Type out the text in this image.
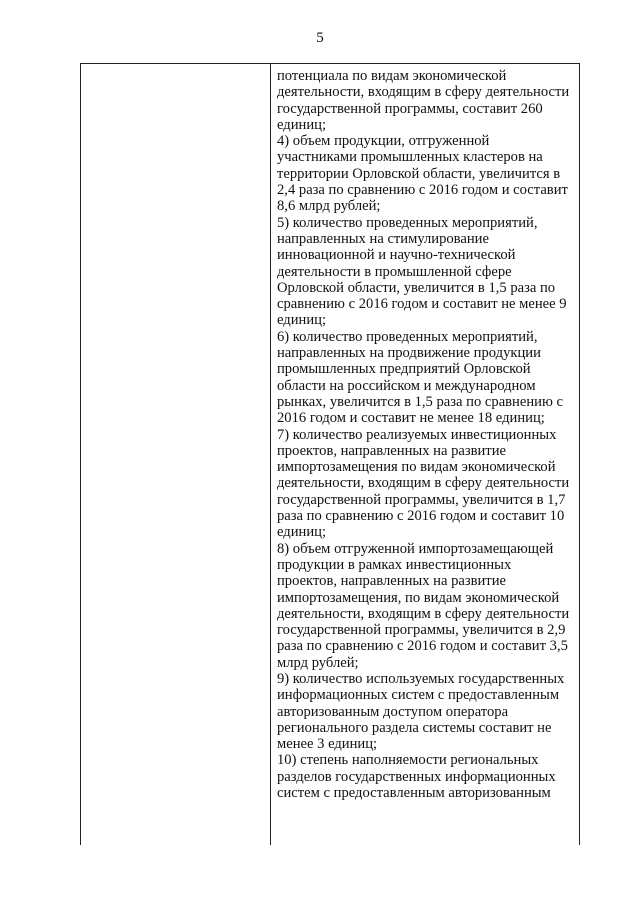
5
потенциала по видам экономической
деятельности, входящим в сферу деятельности
государственной программы, составит 260
единиц;
4) объем продукции, отгруженной
участниками промышленных кластеров на
территории Орловской области, увеличится в
2,4 раза по сравнению с 2016 годом и составит
8,6 млрд рублей;
5) количество проведенных мероприятий,
направленных на стимулирование
инновационной и научно-технической
деятельности в промышленной сфере
Орловской области, увеличится в 1,5 раза по
сравнению с 2016 годом и составит не менее 9
единиц;
6) количество проведенных мероприятий,
направленных на продвижение продукции
промышленных предприятий Орловской
области на российском и международном
рынках, увеличится в 1,5 раза по сравнению с
2016 годом и составит не менее 18 единиц;
7) количество реализуемых инвестиционных
проектов, направленных на развитие
импортозамещения по видам экономической
деятельности, входящим в сферу деятельности
государственной программы, увеличится в 1,7
раза по сравнению с 2016 годом и составит 10
единиц;
8) объем отгруженной импортозамещающей
продукции в рамках инвестиционных
проектов, направленных на развитие
импортозамещения, по видам экономической
деятельности, входящим в сферу деятельности
государственной программы, увеличится в 2,9
раза по сравнению с 2016 годом и составит 3,5
млрд рублей;
9) количество используемых государственных
информационных систем с предоставленным
авторизованным доступом оператора
регионального раздела системы составит не
менее 3 единиц;
10) степень наполняемости региональных
разделов государственных информационных
систем с предоставленным авторизованным
